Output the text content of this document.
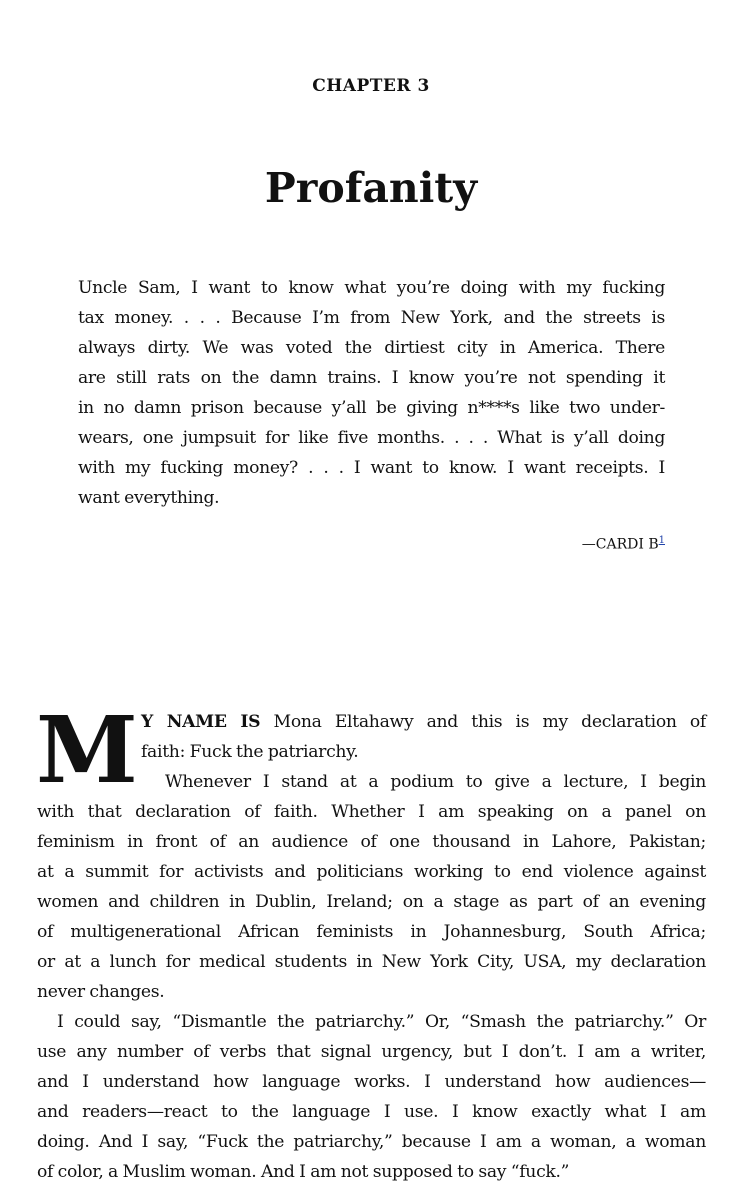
CHAPTER 3
Profanity
Uncle Sam, I want to know what you’re doing with my fucking
tax money. . . . Because I’m from New York, and the streets is
always dirty. We was voted the dirtiest city in America. There
are still rats on the damn trains. I know you’re not spending it
in no damn prison because y’all be giving n****s like two under-
wears, one jumpsuit for like five months. . . . What is y’all doing
with my fucking money? . . . I want to know. I want receipts. I
want everything.
—CARDI B$^1$
M Y NAME IS Mona Eltahawy and this is my declaration of
faith: Fuck the patriarchy.
Whenever I stand at a podium to give a lecture, I begin
with that declaration of faith. Whether I am speaking on a panel on
feminism in front of an audience of one thousand in Lahore, Pakistan;
at a summit for activists and politicians working to end violence against
women and children in Dublin, Ireland; on a stage as part of an evening
of multigenerational African feminists in Johannesburg, South Africa;
or at a lunch for medical students in New York City, USA, my declaration
never changes.
I could say, “Dismantle the patriarchy.” Or, “Smash the patriarchy.” Or
use any number of verbs that signal urgency, but I don’t. I am a writer,
and I understand how language works. I understand how audiences—
and readers—react to the language I use. I know exactly what I am
doing. And I say, “Fuck the patriarchy,” because I am a woman, a woman
of color, a Muslim woman. And I am not supposed to say “fuck.”
